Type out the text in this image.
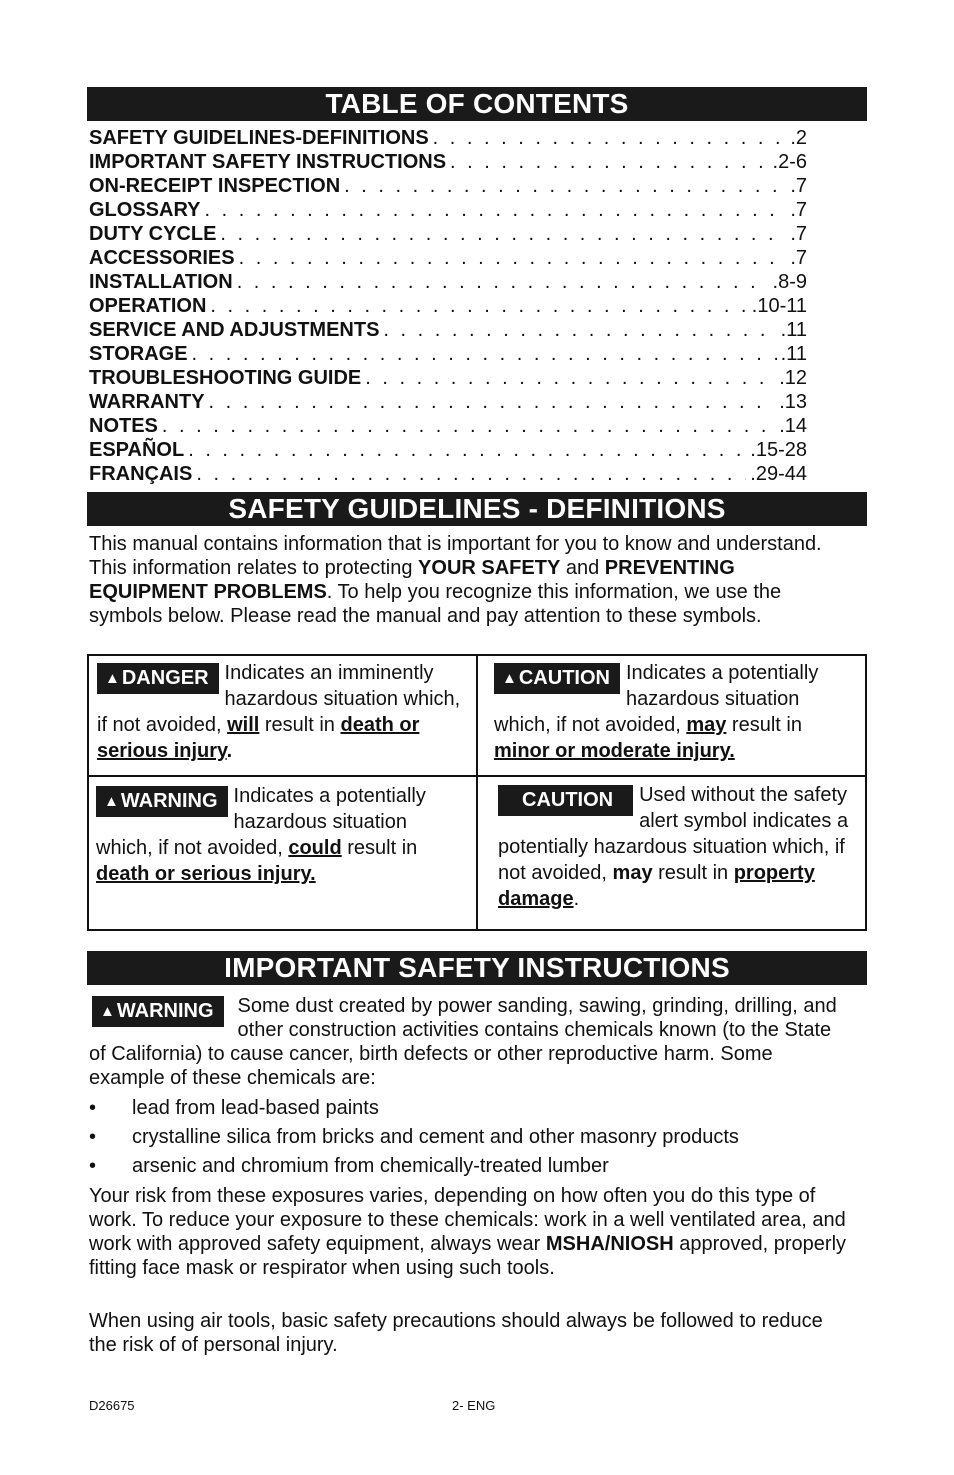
TABLE OF CONTENTS
SAFETY GUIDELINES-DEFINITIONS . . .	.2
IMPORTANT SAFETY INSTRUCTIONS . . .	.2-6
ON-RECEIPT INSPECTION . . .	.7
GLOSSARY . . .	.7
DUTY CYCLE . . .	.7
ACCESSORIES . . .	.7
INSTALLATION . . .	.8-9
OPERATION . . .	.10-11
SERVICE AND ADJUSTMENTS . . .	.11
STORAGE . . .	.11
TROUBLESHOOTING GUIDE . . .	.12
WARRANTY . . .	.13
NOTES . . .	.14
ESPAÑOL . . .	.15-28
FRANÇAIS . . .	.29-44
SAFETY GUIDELINES - DEFINITIONS
This manual contains information that is important for you to know and understand. This information relates to protecting YOUR SAFETY and PREVENTING EQUIPMENT PROBLEMS. To help you recognize this information, we use the symbols below. Please read the manual and pay attention to these symbols.
▲ DANGER Indicates an imminently hazardous situation which, if not avoided, will result in death or serious injury.
▲ CAUTION Indicates a potentially hazardous situation which, if not avoided, may result in minor or moderate injury.
▲ WARNING Indicates a potentially hazardous situation which, if not avoided, could result in death or serious injury.
CAUTION	Used without the safety alert symbol indicates a potentially hazardous situation which, if not avoided, may result in property damage.
IMPORTANT SAFETY INSTRUCTIONS
▲ WARNING	Some dust created by power sanding, sawing, grinding, drilling, and other construction activities contains chemicals known (to the State of California) to cause cancer, birth defects or other reproductive harm. Some example of these chemicals are:
•	lead from lead-based paints
•	crystalline silica from bricks and cement and other masonry products
•	arsenic and chromium from chemically-treated lumber
Your risk from these exposures varies, depending on how often you do this type of work. To reduce your exposure to these chemicals: work in a well ventilated area, and work with approved safety equipment, always wear MSHA/NIOSH approved, properly fitting face mask or respirator when using such tools.
When using air tools, basic safety precautions should always be followed to reduce the risk of of personal injury.
D26675	2- ENG
